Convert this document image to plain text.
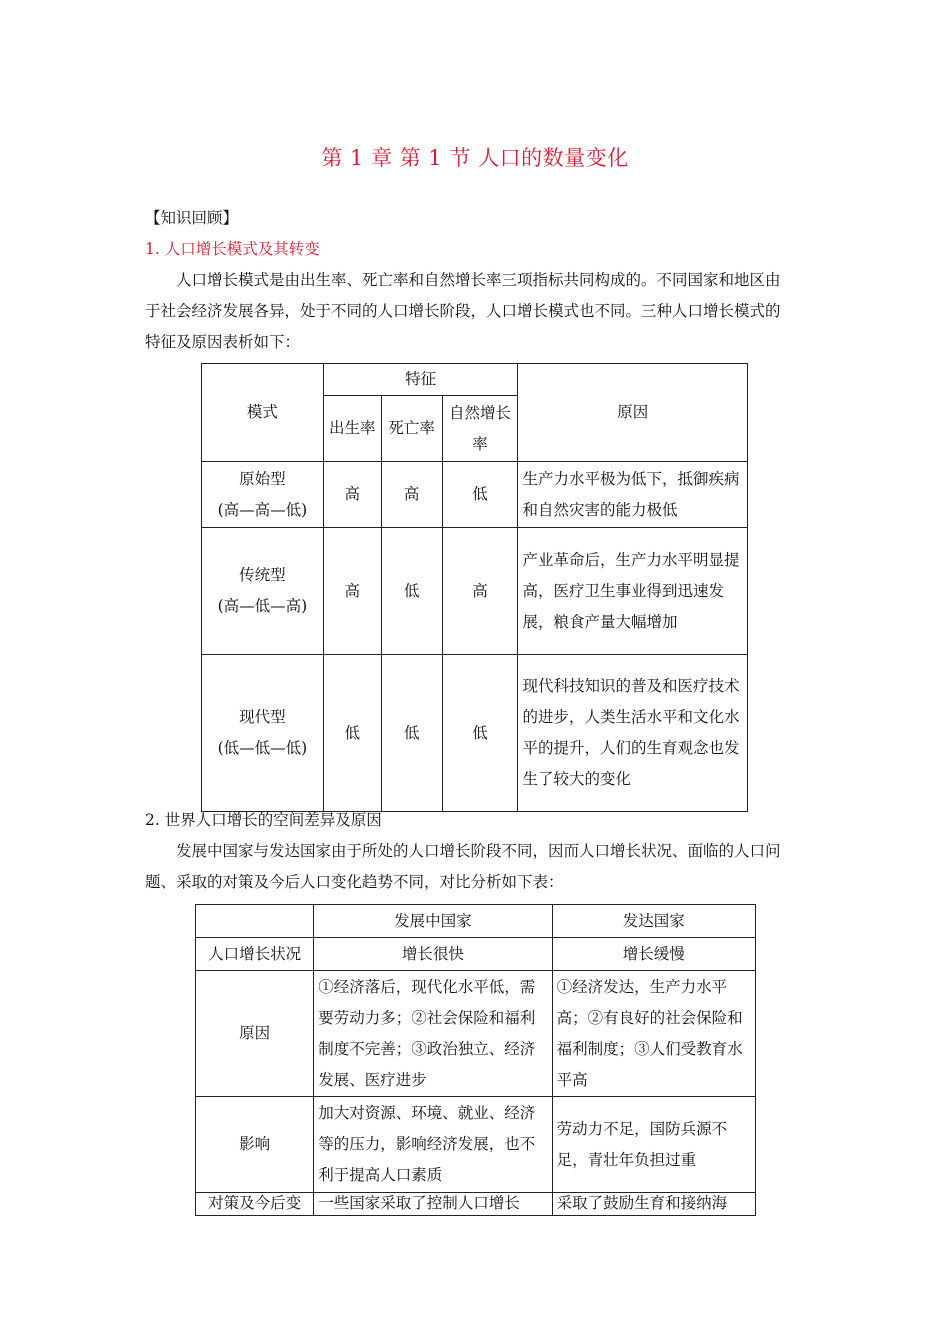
第 1 章 第 1 节 人口的数量变化
【知识回顾】
1. 人口增长模式及其转变
人口增长模式是由出生率、死亡率和自然增长率三项指标共同构成的。不同国家和地区由于社会经济发展各异，处于不同的人口增长阶段，人口增长模式也不同。三种人口增长模式的特征及原因表析如下：
模式	特征			原因
	出生率	死亡率	自然增长率	

原始型
(高—高—低)	高	高	低	生产力水平极为低下，抵御疾病和自然灾害的能力极低

传统型
(高—低—高)	高	低	高	产业革命后，生产力水平明显提高，医疗卫生事业得到迅速发展，粮食产量大幅增加

现代型
(低—低—低)	低	低	低	现代科技知识的普及和医疗技术的进步，人类生活水平和文化水平的提升，人们的生育观念也发生了较大的变化
2. 世界人口增长的空间差异及原因
发展中国家与发达国家由于所处的人口增长阶段不同，因而人口增长状况、面临的人口问题、采取的对策及今后人口变化趋势不同，对比分析如下表：
	发展中国家	发达国家
人口增长状况	增长很快	增长缓慢
原因	①经济落后，现代化水平低，需要劳动力多；②社会保险和福利制度不完善；③政治独立、经济发展、医疗进步	①经济发达，生产力水平高；②有良好的社会保险和福利制度；③人们受教育水平高
影响	加大对资源、环境、就业、经济等的压力，影响经济发展，也不利于提高人口素质	劳动力不足，国防兵源不足，青壮年负担过重
对策及今后变	一些国家采取了控制人口增长	采取了鼓励生育和接纳海
